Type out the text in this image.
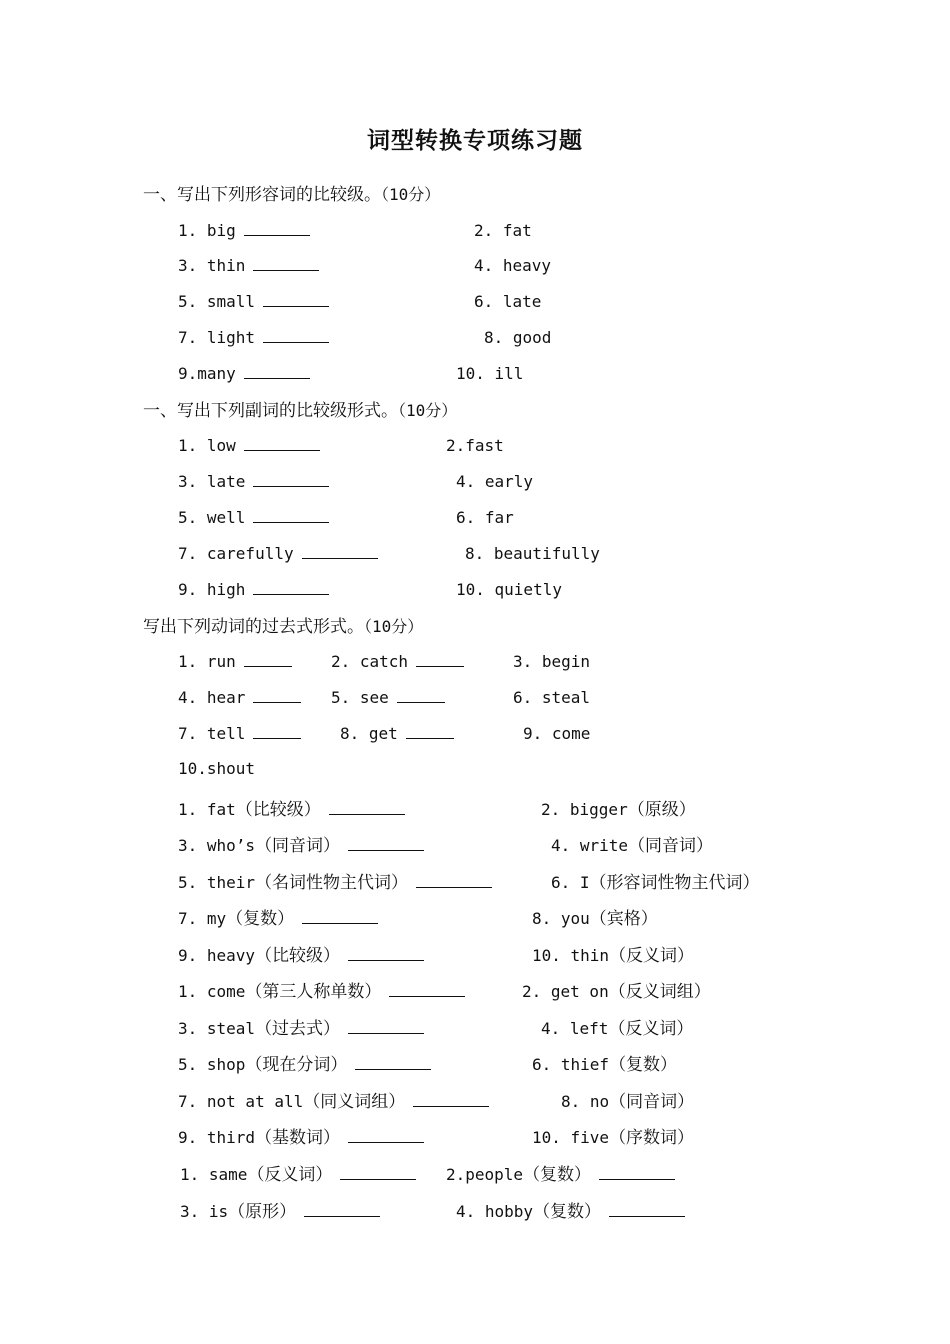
词型转换专项练习题
一、写出下列形容词的比较级。（10分）
1. big	2. fat
3. thin	4. heavy
5. small	6. late
7. light	8. good
9.many	10. ill
一、写出下列副词的比较级形式。（10分）
1. low	2.fast
3. late	4. early
5. well	6. far
7. carefully	8. beautifully
9. high	10. quietly
写出下列动词的过去式形式。（10分）
1. run	2. catch	3. begin
4. hear	5. see	6. steal
7. tell	8. get	9. come
10.shout
1. fat（比较级）	2. bigger（原级）
3. who’s（同音词）	4. write（同音词）
5. their（名词性物主代词）	6. I（形容词性物主代词）
7. my（复数）	8. you（宾格）
9. heavy（比较级）	10. thin（反义词）
1. come（第三人称单数）	2. get on（反义词组）
3. steal（过去式）	4. left（反义词）
5. shop（现在分词）	6. thief（复数）
7. not at all（同义词组）	8. no（同音词）
9. third（基数词）	10. five（序数词）
1. same（反义词）	2.people（复数）
3. is（原形）	4. hobby（复数）
